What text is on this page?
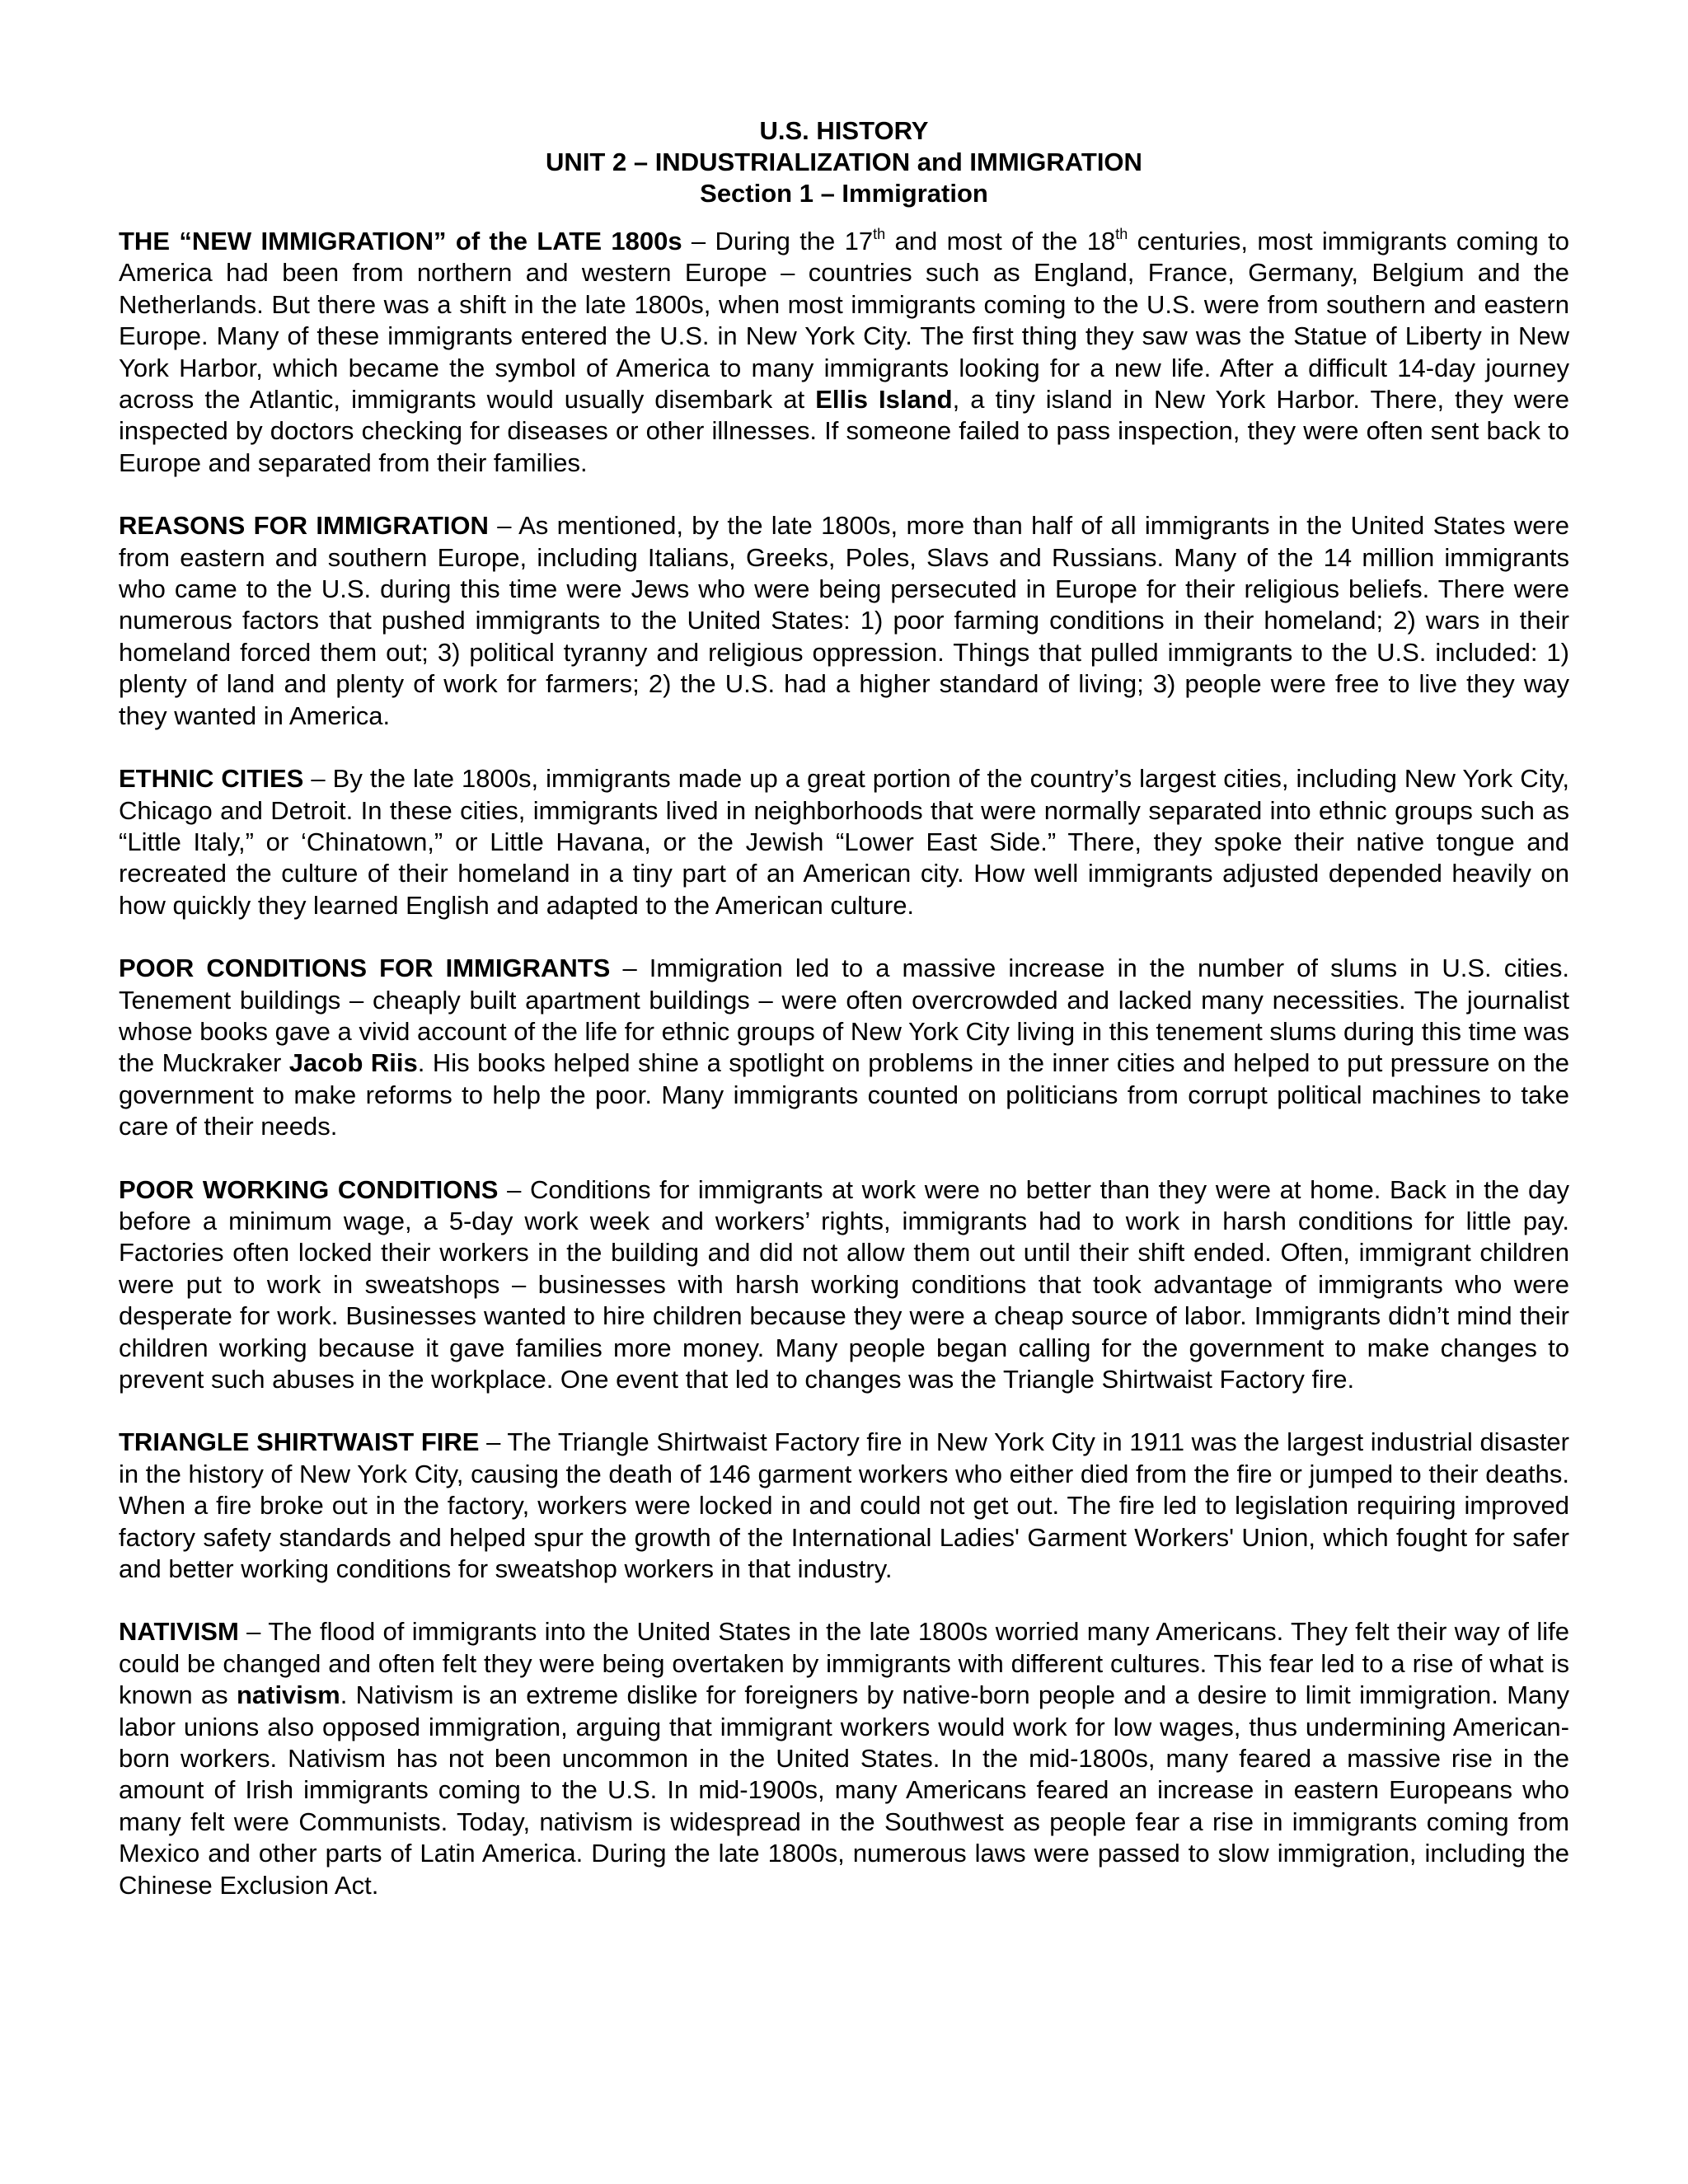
U.S. HISTORY
UNIT 2 – INDUSTRIALIZATION and IMMIGRATION
Section 1 – Immigration

THE “NEW IMMIGRATION” of the LATE 1800s – During the 17th and most of the 18th centuries, most immigrants coming to America had been from northern and western Europe – countries such as England, France, Germany, Belgium and the Netherlands. But there was a shift in the late 1800s, when most immigrants coming to the U.S. were from southern and eastern Europe. Many of these immigrants entered the U.S. in New York City. The first thing they saw was the Statue of Liberty in New York Harbor, which became the symbol of America to many immigrants looking for a new life. After a difficult 14-day journey across the Atlantic, immigrants would usually disembark at Ellis Island, a tiny island in New York Harbor. There, they were inspected by doctors checking for diseases or other illnesses. If someone failed to pass inspection, they were often sent back to Europe and separated from their families.

REASONS FOR IMMIGRATION – As mentioned, by the late 1800s, more than half of all immigrants in the United States were from eastern and southern Europe, including Italians, Greeks, Poles, Slavs and Russians. Many of the 14 million immigrants who came to the U.S. during this time were Jews who were being persecuted in Europe for their religious beliefs. There were numerous factors that pushed immigrants to the United States: 1) poor farming conditions in their homeland; 2) wars in their homeland forced them out; 3) political tyranny and religious oppression. Things that pulled immigrants to the U.S. included: 1) plenty of land and plenty of work for farmers; 2) the U.S. had a higher standard of living; 3) people were free to live they way they wanted in America.

ETHNIC CITIES – By the late 1800s, immigrants made up a great portion of the country’s largest cities, including New York City, Chicago and Detroit. In these cities, immigrants lived in neighborhoods that were normally separated into ethnic groups such as “Little Italy,” or ‘Chinatown,” or Little Havana, or the Jewish “Lower East Side.” There, they spoke their native tongue and recreated the culture of their homeland in a tiny part of an American city. How well immigrants adjusted depended heavily on how quickly they learned English and adapted to the American culture.

POOR CONDITIONS FOR IMMIGRANTS – Immigration led to a massive increase in the number of slums in U.S. cities. Tenement buildings – cheaply built apartment buildings – were often overcrowded and lacked many necessities. The journalist whose books gave a vivid account of the life for ethnic groups of New York City living in this tenement slums during this time was the Muckraker Jacob Riis. His books helped shine a spotlight on problems in the inner cities and helped to put pressure on the government to make reforms to help the poor. Many immigrants counted on politicians from corrupt political machines to take care of their needs.

POOR WORKING CONDITIONS – Conditions for immigrants at work were no better than they were at home. Back in the day before a minimum wage, a 5-day work week and workers’ rights, immigrants had to work in harsh conditions for little pay. Factories often locked their workers in the building and did not allow them out until their shift ended. Often, immigrant children were put to work in sweatshops – businesses with harsh working conditions that took advantage of immigrants who were desperate for work. Businesses wanted to hire children because they were a cheap source of labor. Immigrants didn’t mind their children working because it gave families more money. Many people began calling for the government to make changes to prevent such abuses in the workplace. One event that led to changes was the Triangle Shirtwaist Factory fire.

TRIANGLE SHIRTWAIST FIRE – The Triangle Shirtwaist Factory fire in New York City in 1911 was the largest industrial disaster in the history of New York City, causing the death of 146 garment workers who either died from the fire or jumped to their deaths. When a fire broke out in the factory, workers were locked in and could not get out. The fire led to legislation requiring improved factory safety standards and helped spur the growth of the International Ladies' Garment Workers' Union, which fought for safer and better working conditions for sweatshop workers in that industry.

NATIVISM – The flood of immigrants into the United States in the late 1800s worried many Americans. They felt their way of life could be changed and often felt they were being overtaken by immigrants with different cultures. This fear led to a rise of what is known as nativism. Nativism is an extreme dislike for foreigners by native-born people and a desire to limit immigration. Many labor unions also opposed immigration, arguing that immigrant workers would work for low wages, thus undermining American-born workers. Nativism has not been uncommon in the United States. In the mid-1800s, many feared a massive rise in the amount of Irish immigrants coming to the U.S. In mid-1900s, many Americans feared an increase in eastern Europeans who many felt were Communists. Today, nativism is widespread in the Southwest as people fear a rise in immigrants coming from Mexico and other parts of Latin America. During the late 1800s, numerous laws were passed to slow immigration, including the Chinese Exclusion Act.
